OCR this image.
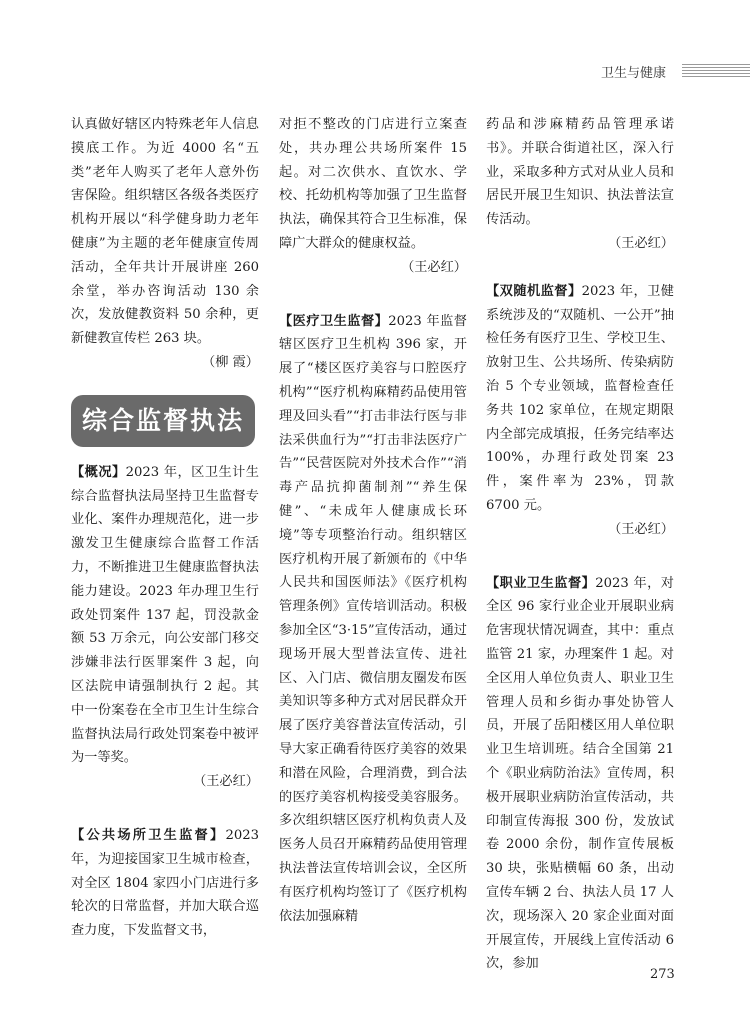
卫生与健康

认真做好辖区内特殊老年人信息摸底工作。为近 4000 名“五类”老年人购买了老年人意外伤害保险。组织辖区各级各类医疗机构开展以“科学健身助力老年健康”为主题的老年健康宣传周活动，全年共计开展讲座 260 余堂，举办咨询活动 130 余次，发放健教资料 50 余种，更新健教宣传栏 263 块。

（柳 霞）

综合监督执法

【概况】2023 年，区卫生计生综合监督执法局坚持卫生监督专业化、案件办理规范化，进一步激发卫生健康综合监督工作活力，不断推进卫生健康监督执法能力建设。2023 年办理卫生行政处罚案件 137 起，罚没款金额 53 万余元，向公安部门移交涉嫌非法行医罪案件 3 起，向区法院申请强制执行 2 起。其中一份案卷在全市卫生计生综合监督执法局行政处罚案卷中被评为一等奖。

（王必红）

【公共场所卫生监督】2023 年，为迎接国家卫生城市检查，对全区 1804 家四小门店进行多轮次的日常监督，并加大联合巡查力度，下发监督文书，

对拒不整改的门店进行立案查处，共办理公共场所案件 15 起。对二次供水、直饮水、学校、托幼机构等加强了卫生监督执法，确保其符合卫生标准，保障广大群众的健康权益。

（王必红）

【医疗卫生监督】2023 年监督辖区医疗卫生机构 396 家，开展了“楼区医疗美容与口腔医疗机构”“医疗机构麻精药品使用管理及回头看”“打击非法行医与非法采供血行为”“打击非法医疗广告”“民营医院对外技术合作”“消毒产品抗抑菌制剂”“养生保健”、“未成年人健康成长环境”等专项整治行动。组织辖区医疗机构开展了新颁布的《中华人民共和国医师法》《医疗机构管理条例》宣传培训活动。积极参加全区“3·15”宣传活动，通过现场开展大型普法宣传、进社区、入门店、微信朋友圈发布医美知识等多种方式对居民群众开展了医疗美容普法宣传活动，引导大家正确看待医疗美容的效果和潜在风险，合理消费，到合法的医疗美容机构接受美容服务。多次组织辖区医疗机构负责人及医务人员召开麻精药品使用管理执法普法宣传培训会议，全区所有医疗机构均签订了《医疗机构依法加强麻精

药品和涉麻精药品管理承诺书》。并联合街道社区，深入行业，采取多种方式对从业人员和居民开展卫生知识、执法普法宣传活动。

（王必红）

【双随机监督】2023 年，卫健系统涉及的“双随机、一公开”抽检任务有医疗卫生、学校卫生、放射卫生、公共场所、传染病防治 5 个专业领域，监督检查任务共 102 家单位，在规定期限内全部完成填报，任务完结率达 100%，办理行政处罚案 23 件，案件率为 23%，罚款 6700 元。

（王必红）

【职业卫生监督】2023 年，对全区 96 家行业企业开展职业病危害现状情况调查，其中：重点监管 21 家，办理案件 1 起。对全区用人单位负责人、职业卫生管理人员和乡街办事处协管人员，开展了岳阳楼区用人单位职业卫生培训班。结合全国第 21 个《职业病防治法》宣传周，积极开展职业病防治宣传活动，共印制宣传海报 300 份，发放试卷 2000 余份，制作宣传展板 30 块，张贴横幅 60 条，出动宣传车辆 2 台、执法人员 17 人次，现场深入 20 家企业面对面开展宣传，开展线上宣传活动 6 次，参加

273
